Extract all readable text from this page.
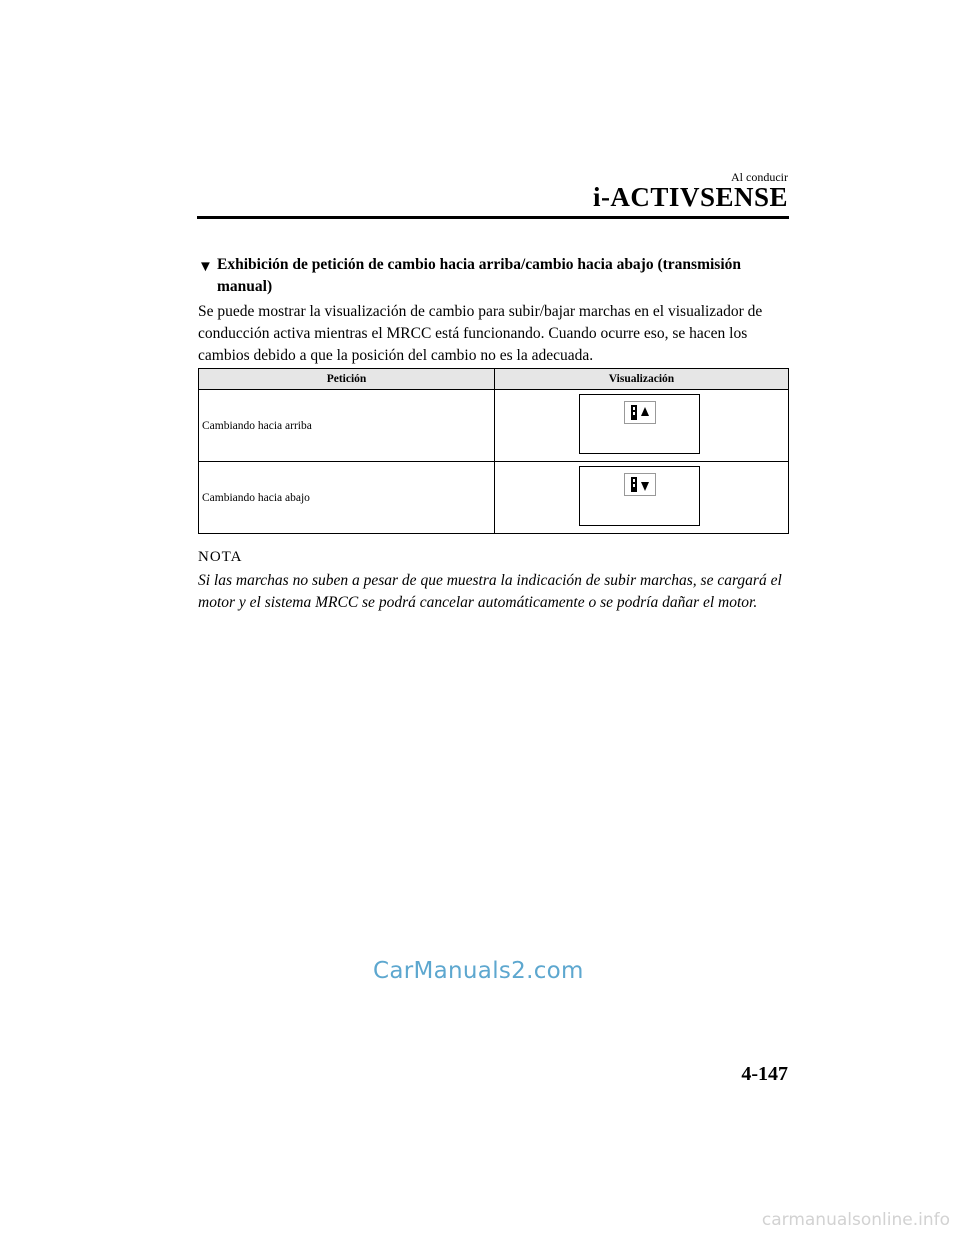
Al conducir
i-ACTIVSENSE
▼ Exhibición de petición de cambio hacia arriba/cambio hacia abajo (transmisión manual)
Se puede mostrar la visualización de cambio para subir/bajar marchas en el visualizador de conducción activa mientras el MRCC está funcionando. Cuando ocurre eso, se hacen los cambios debido a que la posición del cambio no es la adecuada.
Petición	Visualización
Cambiando hacia arriba	

Cambiando hacia abajo	
NOTA
Si las marchas no suben a pesar de que muestra la indicación de subir marchas, se cargará el motor y el sistema MRCC se podrá cancelar automáticamente o se podría dañar el motor.
CarManuals2.com
4-147
carmanualsonline.info
